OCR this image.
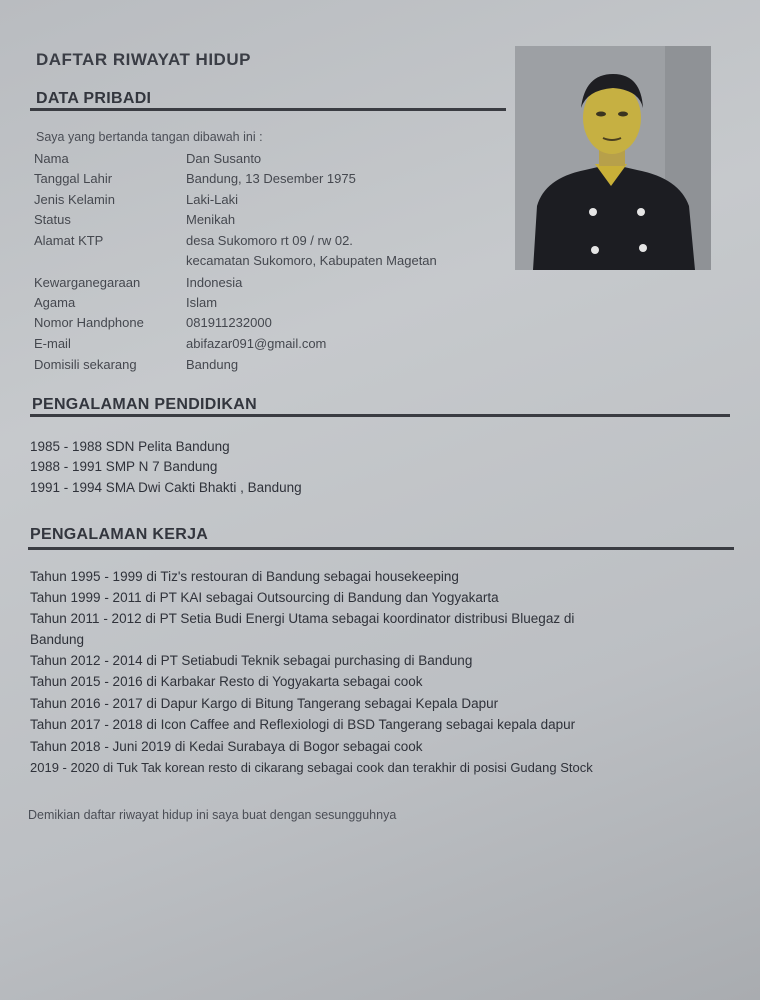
DAFTAR RIWAYAT HIDUP
DATA PRIBADI
Saya yang bertanda tangan dibawah ini :
Nama	Dan Susanto
Tanggal Lahir	Bandung, 13 Desember 1975
Jenis Kelamin	Laki-Laki
Status	Menikah
Alamat KTP	desa Sukomoro rt 09 / rw 02.
kecamatan Sukomoro, Kabupaten Magetan
Kewarganegaraan	Indonesia
Agama	Islam
Nomor Handphone	081911232000
E-mail	abifazar091@gmail.com
Domisili sekarang	Bandung
PENGALAMAN PENDIDIKAN
1985 - 1988 SDN Pelita Bandung
1988 - 1991 SMP N 7 Bandung
1991 - 1994 SMA Dwi Cakti Bhakti , Bandung
PENGALAMAN KERJA
Tahun 1995 - 1999 di Tiz's restouran di Bandung sebagai housekeeping
Tahun 1999 - 2011 di PT KAI sebagai Outsourcing di Bandung dan Yogyakarta
Tahun 2011 - 2012 di PT Setia Budi Energi Utama sebagai koordinator distribusi Bluegaz di
Bandung
Tahun 2012 - 2014 di PT Setiabudi Teknik sebagai purchasing di Bandung
Tahun 2015 - 2016 di Karbakar Resto di Yogyakarta sebagai cook
Tahun 2016 - 2017 di Dapur Kargo di Bitung Tangerang sebagai Kepala Dapur
Tahun 2017 - 2018 di Icon Caffee and Reflexiologi di BSD Tangerang sebagai kepala dapur
Tahun 2018 - Juni 2019 di Kedai Surabaya di Bogor sebagai cook
2019 - 2020 di Tuk Tak korean resto di cikarang sebagai cook dan terakhir di posisi Gudang Stock
Demikian daftar riwayat hidup ini saya buat dengan sesungguhnya
